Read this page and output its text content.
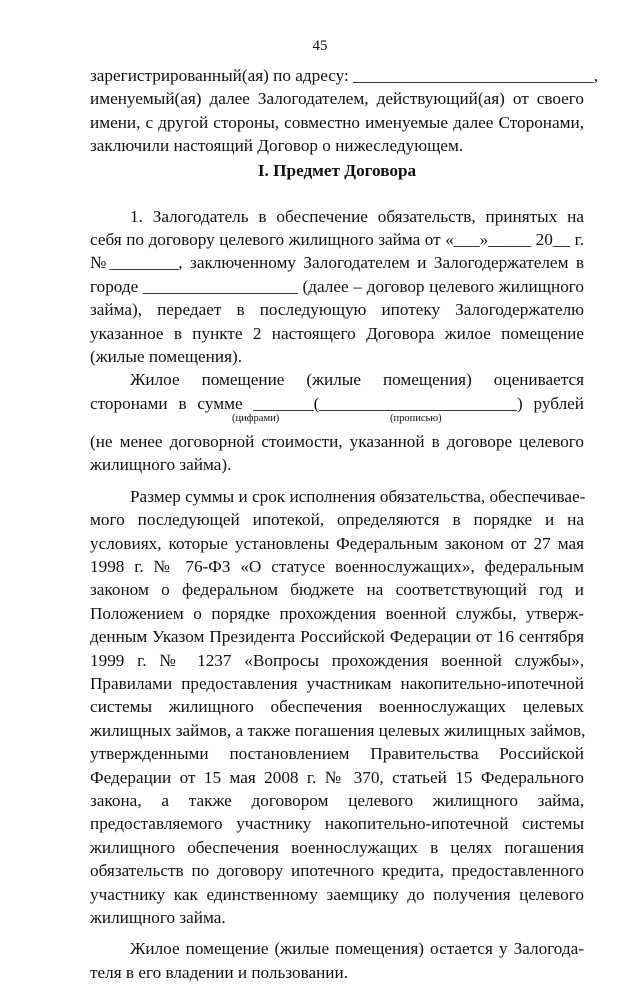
45
зарегистрированный(ая) по адресу: ____________________________,
именуемый(ая) далее Залогодателем, действующий(ая) от своего
имени, с другой стороны, совместно именуемые далее Сторонами,
заключили настоящий Договор о нижеследующем.
I. Предмет Договора
1. Залогодатель в обеспечение обязательств, принятых на
себя по договору целевого жилищного займа от «___»_____ 20__ г.
№________, заключенному Залогодателем и Залогодержателем в
городе __________________ (далее – договор целевого жилищного
займа), передает в последующую ипотеку Залогодержателю
указанное в пункте 2 настоящего Договора жилое помещение
(жилые помещения).
Жилое помещение (жилые помещения) оценивается
сторонами в сумме _______(_______________________) рублей
(цифрами)	(прописью)
(не менее договорной стоимости, указанной в договоре целевого
жилищного займа).
Размер суммы и срок исполнения обязательства, обеспечивае-
мого последующей ипотекой, определяются в порядке и на
условиях, которые установлены Федеральным законом от 27 мая
1998 г. № 76-ФЗ «О статусе военнослужащих», федеральным
законом о федеральном бюджете на соответствующий год и
Положением о порядке прохождения военной службы, утверж-
денным Указом Президента Российской Федерации от 16 сентября
1999 г. № 1237 «Вопросы прохождения военной службы»,
Правилами предоставления участникам накопительно-ипотечной
системы жилищного обеспечения военнослужащих целевых
жилищных займов, а также погашения целевых жилищных займов,
утвержденными постановлением Правительства Российской
Федерации от 15 мая 2008 г. № 370, статьей 15 Федерального
закона, а также договором целевого жилищного займа,
предоставляемого участнику накопительно-ипотечной системы
жилищного обеспечения военнослужащих в целях погашения
обязательств по договору ипотечного кредита, предоставленного
участнику как единственному заемщику до получения целевого
жилищного займа.
Жилое помещение (жилые помещения) остается у Залогода-
теля в его владении и пользовании.
